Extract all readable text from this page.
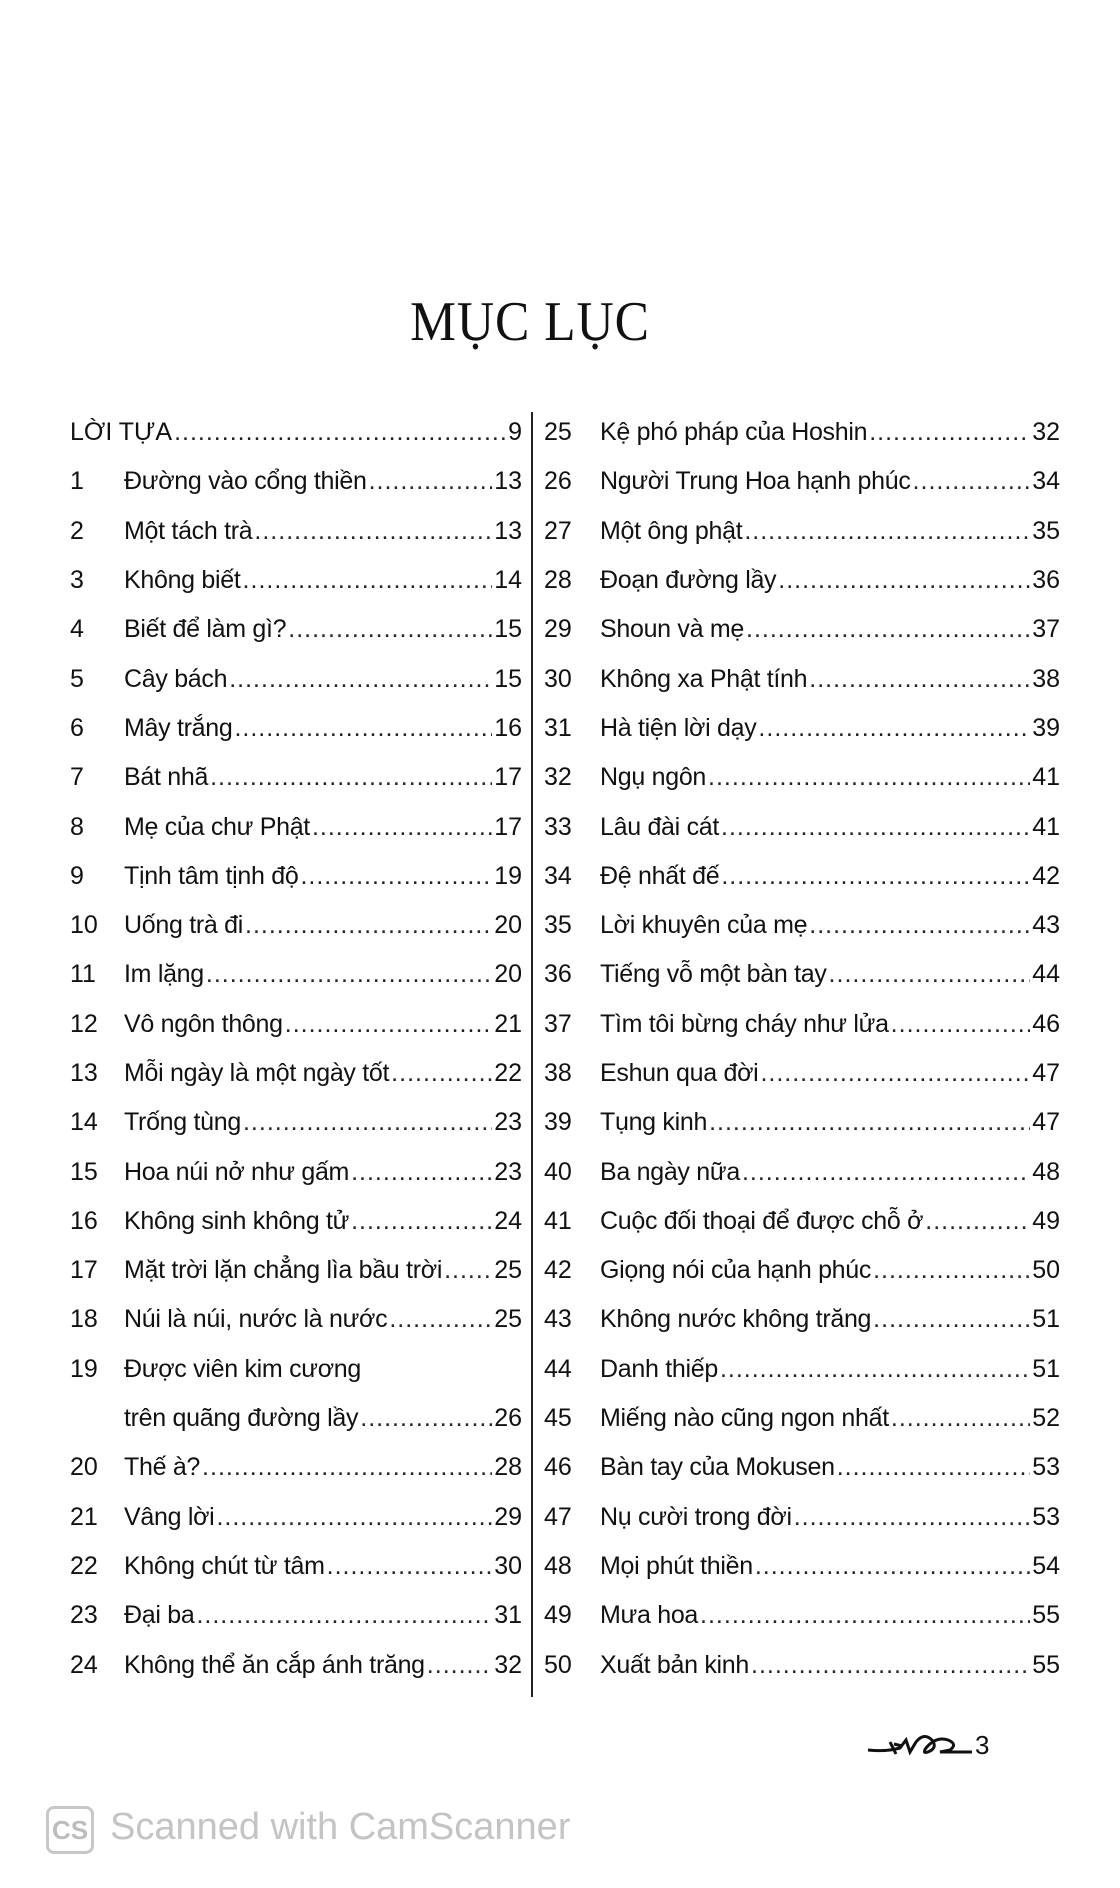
MỤC LỤC
LỜI TỰA .....	9
1	Đường vào cổng thiền .....	13
2	Một tách trà .....	13
3	Không biết .....	14
4	Biết để làm gì? .....	15
5	Cây bách .....	15
6	Mây trắng .....	16
7	Bát nhã .....	17
8	Mẹ của chư Phật .....	17
9	Tịnh tâm tịnh độ .....	19
10	Uống trà đi .....	20
11	Im lặng .....	20
12	Vô ngôn thông .....	21
13	Mỗi ngày là một ngày tốt .....	22
14	Trống tùng .....	23
15	Hoa núi nở như gấm .....	23
16	Không sinh không tử .....	24
17	Mặt trời lặn chẳng lìa bầu trời ..... 25
18	Núi là núi, nước là nước .....	25
19	Được viên kim cương
trên quãng đường lầy .....	26
20	Thế à? .....	28
21	Vâng lời .....	29
22	Không chút từ tâm .....	30
23	Đại ba .....	31
24	Không thể ăn cắp ánh trăng .....	32
25	Kệ phó pháp của Hoshin .....	32
26	Người Trung Hoa hạnh phúc .....	34
27	Một ông phật .....	35
28	Đoạn đường lầy .....	36
29	Shoun và mẹ .....	37
30	Không xa Phật tính .....	38
31	Hà tiện lời dạy .....	39
32	Ngụ ngôn .....	41
33	Lâu đài cát .....	41
34	Đệ nhất đế .....	42
35	Lời khuyên của mẹ .....	43
36	Tiếng vỗ một bàn tay .....	44
37	Tìm tôi bừng cháy như lửa .....	46
38	Eshun qua đời .....	47
39	Tụng kinh .....	47
40	Ba ngày nữa .....	48
41	Cuộc đối thoại để được chỗ ở .....	49
42	Giọng nói của hạnh phúc .....	50
43	Không nước không trăng .....	51
44	Danh thiếp .....	51
45	Miếng nào cũng ngon nhất .....	52
46	Bàn tay của Mokusen .....	53
47	Nụ cười trong đời .....	53
48	Mọi phút thiền .....	54
49	Mưa hoa .....	55
50	Xuất bản kinh .....	55
3
CS Scanned with CamScanner
